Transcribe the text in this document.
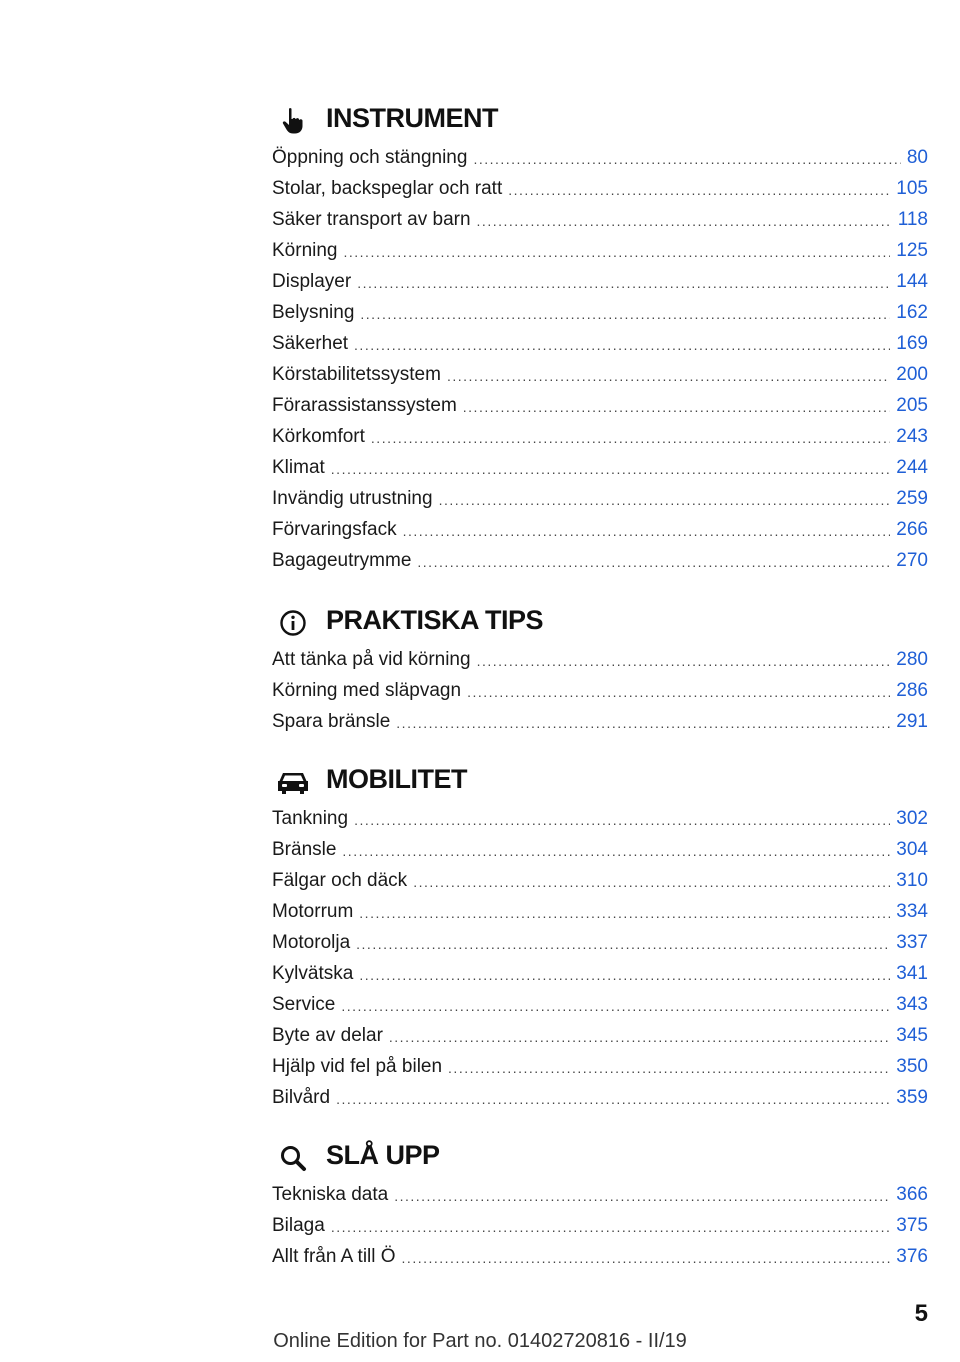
INSTRUMENT
Öppning och stängning .....	80
Stolar, backspeglar och ratt .....	105
Säker transport av barn .....	118
Körning .....	125
Displayer .....	144
Belysning .....	162
Säkerhet .....	169
Körstabilitetssystem .....	200
Förarassistanssystem .....	205
Körkomfort .....	243
Klimat .....	244
Invändig utrustning .....	259
Förvaringsfack .....	266
Bagageutrymme .....	270
PRAKTISKA TIPS
Att tänka på vid körning .....	280
Körning med släpvagn .....	286
Spara bränsle .....	291
MOBILITET
Tankning .....	302
Bränsle .....	304
Fälgar och däck .....	310
Motorrum .....	334
Motorolja .....	337
Kylvätska .....	341
Service .....	343
Byte av delar .....	345
Hjälp vid fel på bilen .....	350
Bilvård .....	359
SLÅ UPP
Tekniska data .....	366
Bilaga .....	375
Allt från A till Ö .....	376
5
Online Edition for Part no. 01402720816 - II/19
